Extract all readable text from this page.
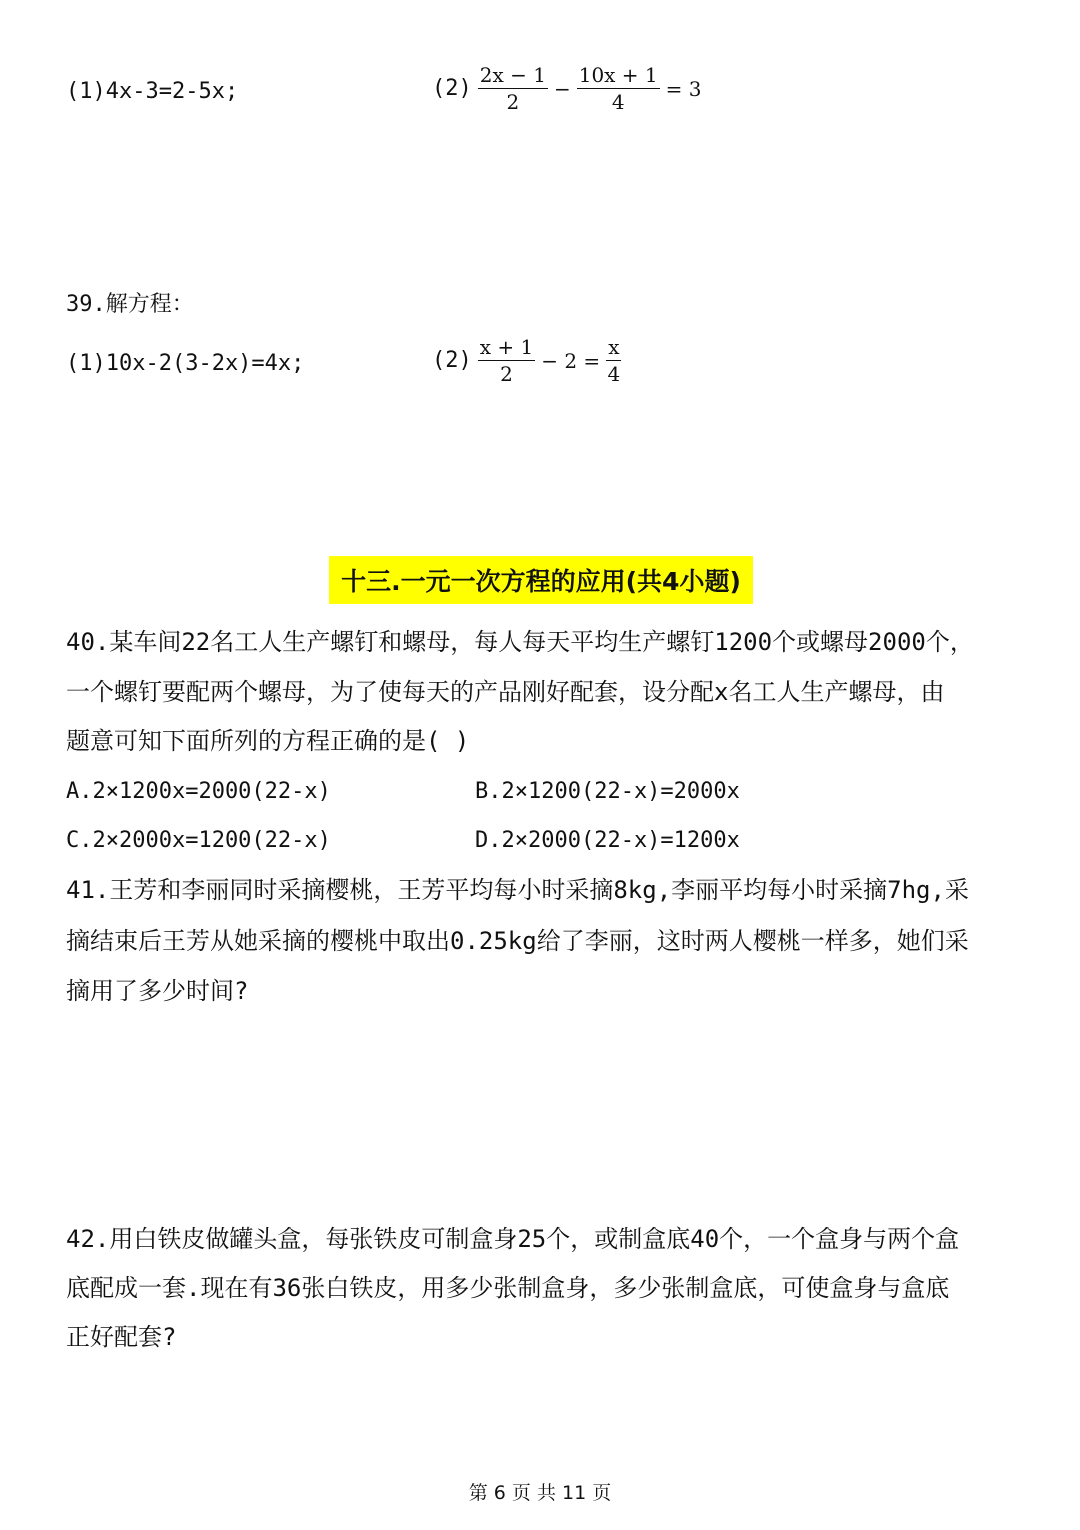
(1)4x-3=2-5x;	$(2) \frac{2x - 1}{2} - \frac{10x + 1}{4} = 3$
39.解方程：
(1)10x-2(3-2x)=4x;	$(2) \frac{x + 1}{2} - 2 = \frac{x}{4}$
十三.一元一次方程的应用(共4小题)
40.某车间22名工人生产螺钉和螺母，每人每天平均生产螺钉1200个或螺母2000个，
一个螺钉要配两个螺母，为了使每天的产品刚好配套，设分配x名工人生产螺母，由
题意可知下面所列的方程正确的是( )
A.2×1200x=2000(22-x)	B.2×1200(22-x)=2000x
C.2×2000x=1200(22-x)	D.2×2000(22-x)=1200x
41.王芳和李丽同时采摘樱桃，王芳平均每小时采摘8kg,李丽平均每小时采摘7hg,采
摘结束后王芳从她采摘的樱桃中取出0.25kg给了李丽，这时两人樱桃一样多，她们采
摘用了多少时间?
42.用白铁皮做罐头盒，每张铁皮可制盒身25个，或制盒底40个，一个盒身与两个盒
底配成一套.现在有36张白铁皮，用多少张制盒身，多少张制盒底，可使盒身与盒底
正好配套?
第 6 页 共 11 页
